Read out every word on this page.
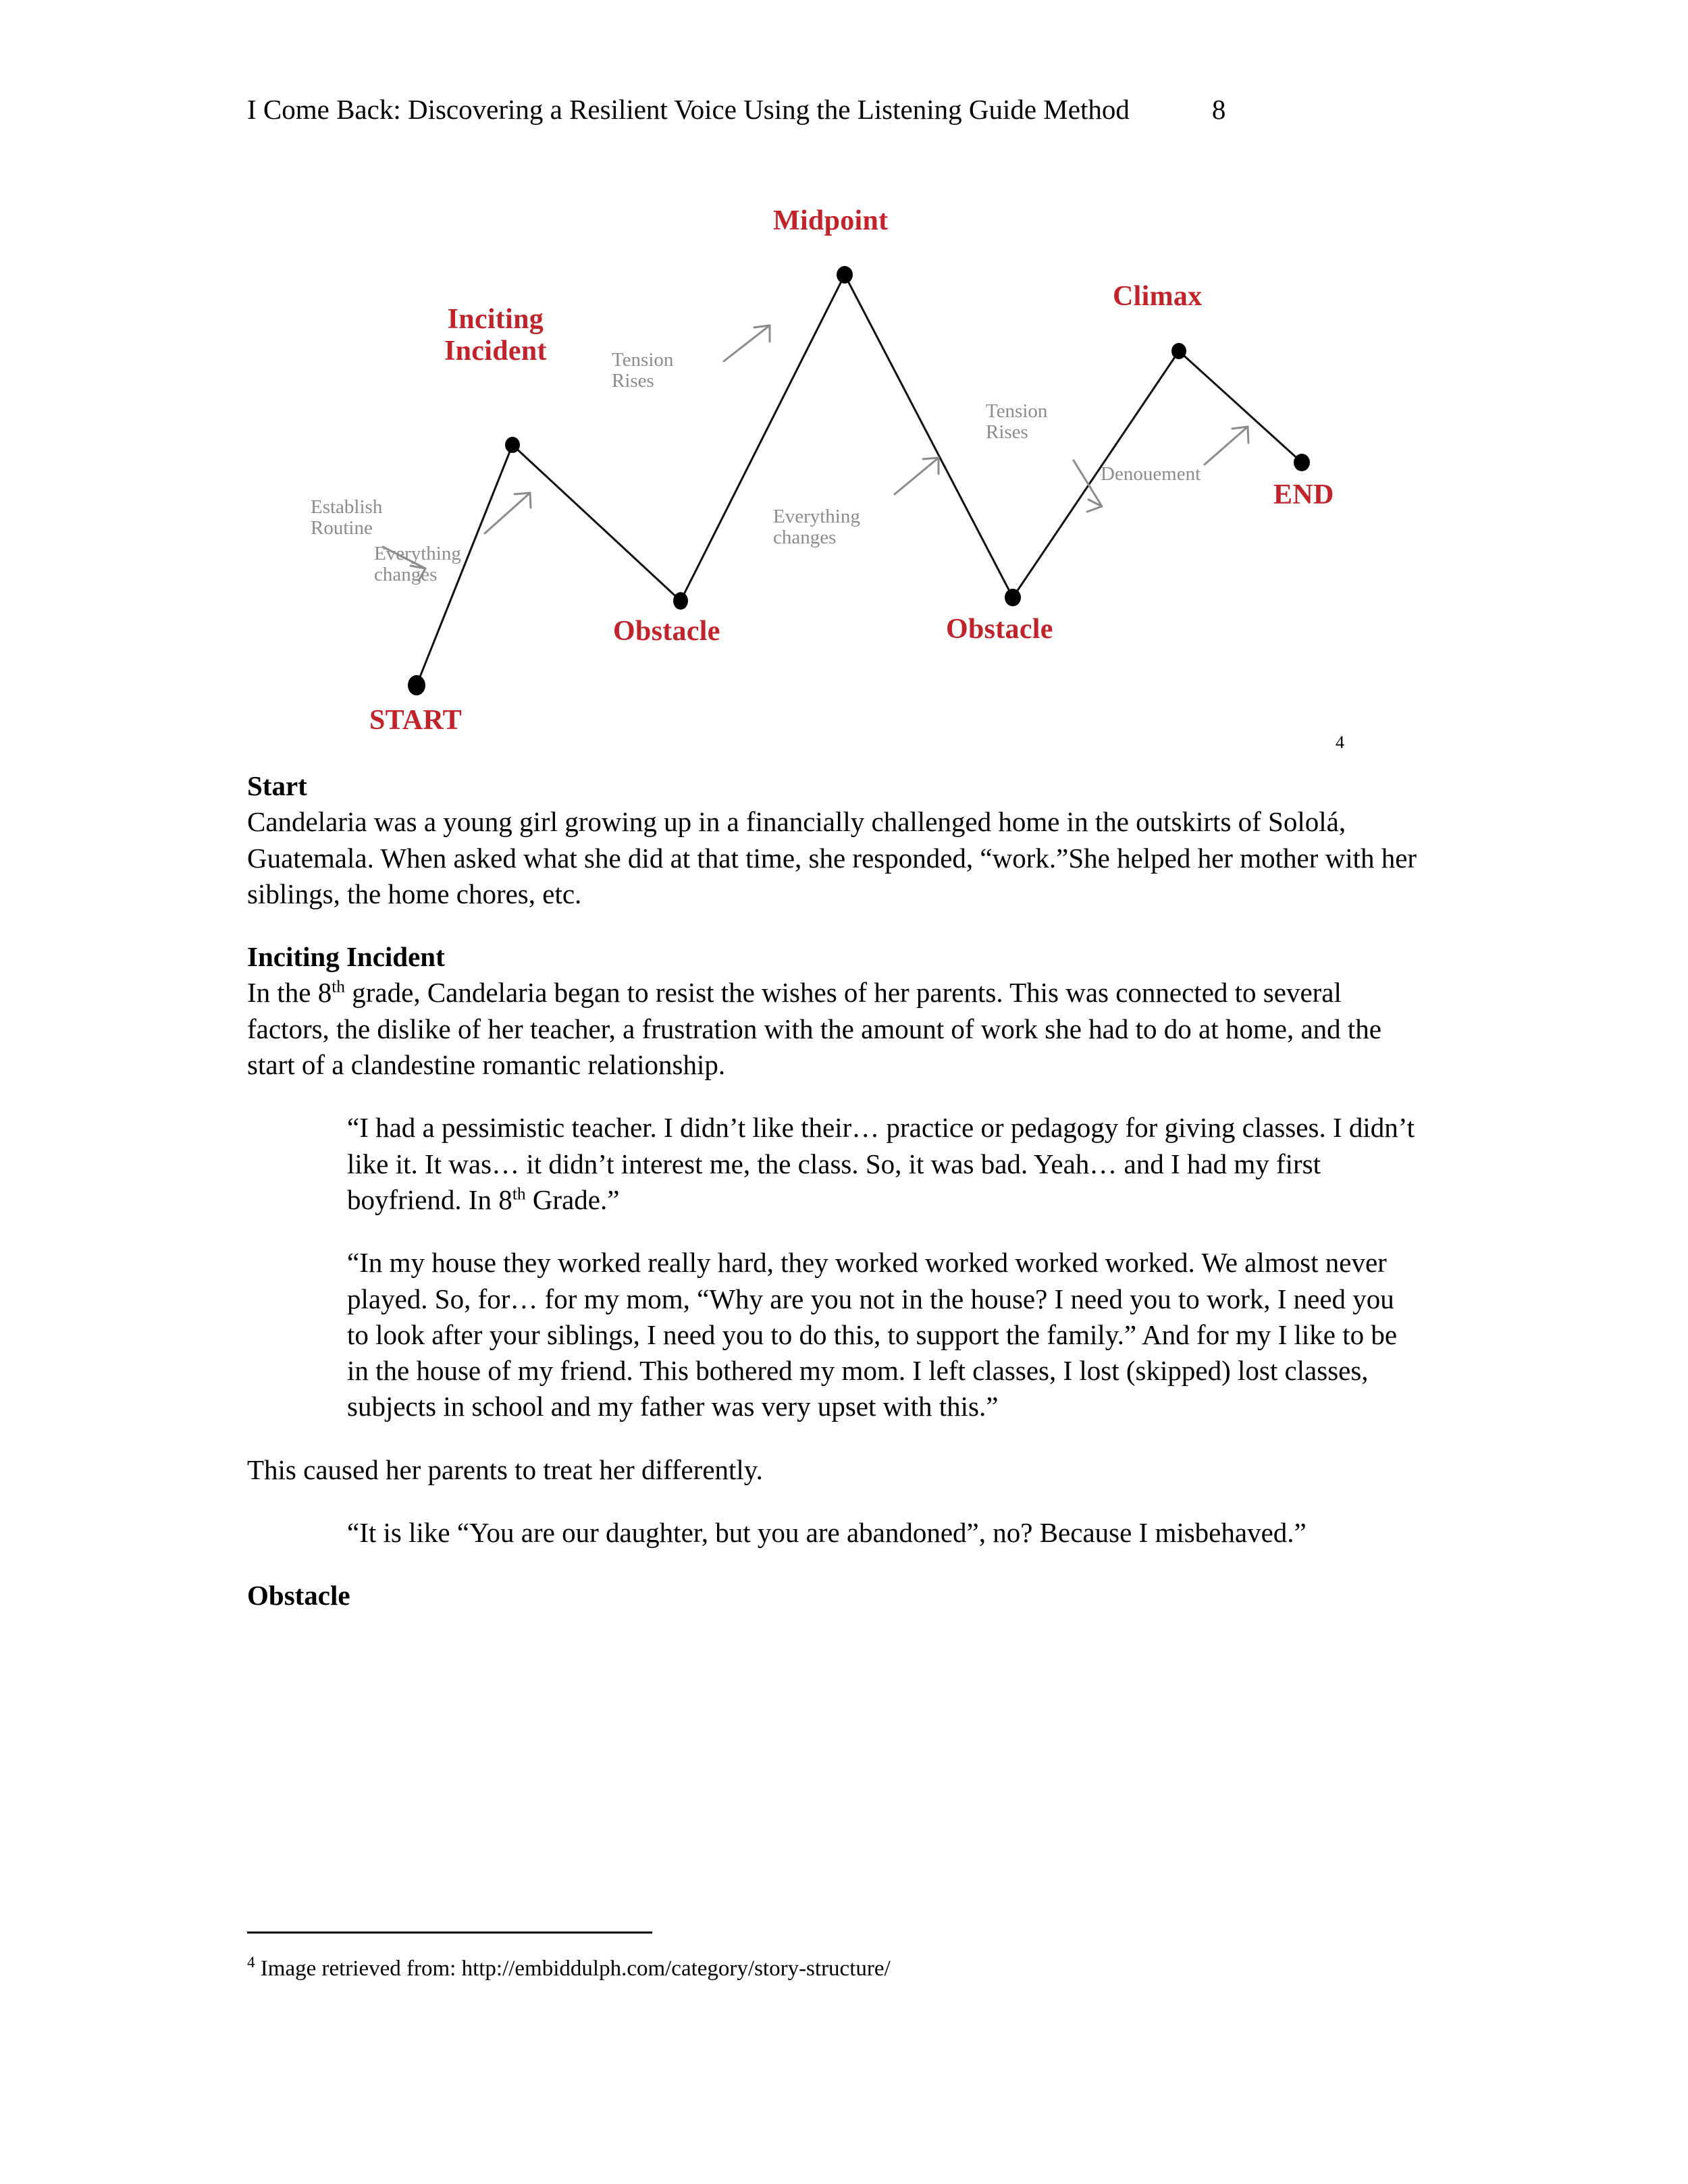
I Come Back: Discovering a Resilient Voice Using the Listening Guide Method	8
Midpoint
Climax
Inciting
Incident
Obstacle	Obstacle
START
END
Establish
Routine
Everything
changes
Tension
Rises
Everything
changes
Tension
Rises
Denouement
4
Start

Candelaria was a young girl growing up in a financially challenged home in the outskirts of Sololá, Guatemala. When asked what she did at that time, she responded, “work.”She helped her mother with her siblings, the home chores, etc.

Inciting Incident

In the 8th grade, Candelaria began to resist the wishes of her parents. This was connected to several factors, the dislike of her teacher, a frustration with the amount of work she had to do at home, and the start of a clandestine romantic relationship.

“I had a pessimistic teacher. I didn’t like their… practice or pedagogy for giving classes. I didn’t like it. It was… it didn’t interest me, the class. So, it was bad. Yeah… and I had my first boyfriend. In 8th Grade.”

“In my house they worked really hard, they worked worked worked worked. We almost never played. So, for… for my mom, “Why are you not in the house? I need you to work, I need you to look after your siblings, I need you to do this, to support the family.” And for my I like to be in the house of my friend. This bothered my mom. I left classes, I lost (skipped) lost classes, subjects in school and my father was very upset with this.”

This caused her parents to treat her differently.

“It is like “You are our daughter, but you are abandoned”, no? Because I misbehaved.”

Obstacle
$^4$ Image retrieved from: http://embiddulph.com/category/story-structure/
